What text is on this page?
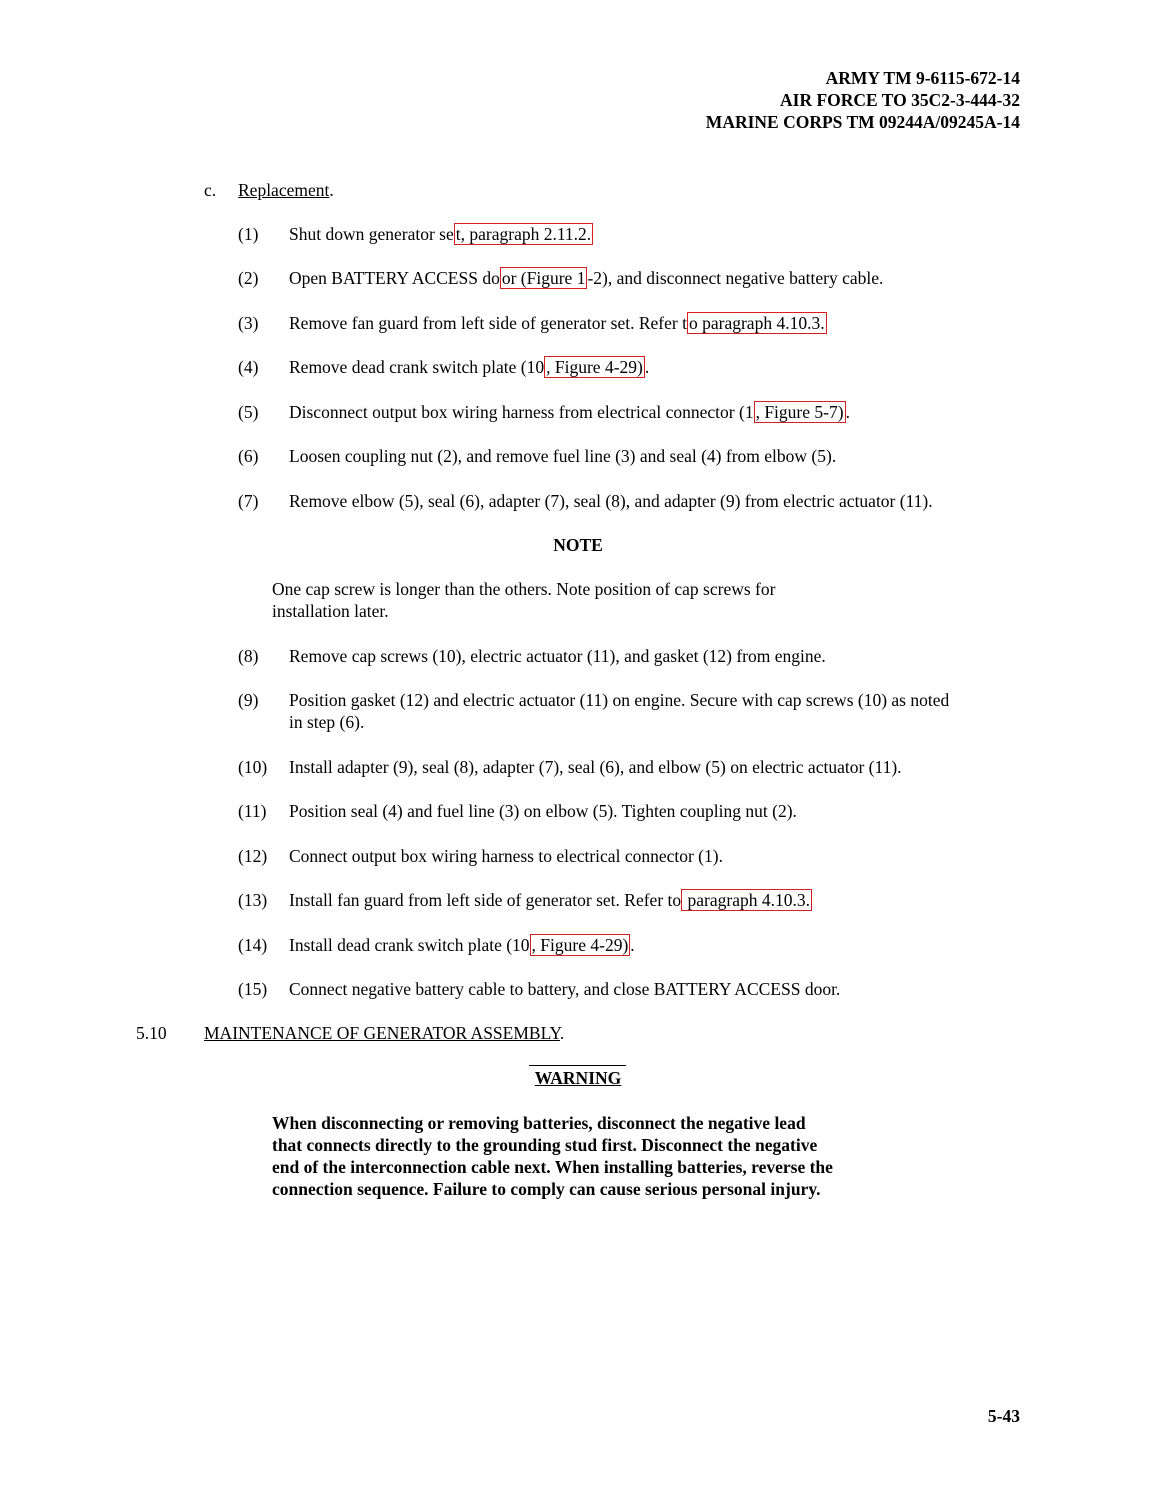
ARMY TM 9-6115-672-14
AIR FORCE TO 35C2-3-444-32
MARINE CORPS TM 09244A/09245A-14
c. Replacement.
(1) Shut down generator se t, paragraph 2.11.2.
(2) Open BATTERY ACCESS do or (Figure 1 -2), and disconnect negative battery cable.
(3) Remove fan guard from left side of generator set. Refer t o paragraph 4.10.3.
(4) Remove dead crank switch plate (10 , Figure 4-29) .
(5) Disconnect output box wiring harness from electrical connector (1 , Figure 5-7) .
(6) Loosen coupling nut (2), and remove fuel line (3) and seal (4) from elbow (5).
(7) Remove elbow (5), seal (6), adapter (7), seal (8), and adapter (9) from electric actuator (11).
NOTE
One cap screw is longer than the others. Note position of cap screws for
installation later.
(8) Remove cap screws (10), electric actuator (11), and gasket (12) from engine.
(9) Position gasket (12) and electric actuator (11) on engine. Secure with cap screws (10) as noted
in step (6).
(10) Install adapter (9), seal (8), adapter (7), seal (6), and elbow (5) on electric actuator (11).
(11) Position seal (4) and fuel line (3) on elbow (5). Tighten coupling nut (2).
(12) Connect output box wiring harness to electrical connector (1).
(13) Install fan guard from left side of generator set. Refer to paragraph 4.10.3.
(14) Install dead crank switch plate (10 , Figure 4-29) .
(15) Connect negative battery cable to battery, and close BATTERY ACCESS door.
5.10 MAINTENANCE OF GENERATOR ASSEMBLY.
WARNING
When disconnecting or removing batteries, disconnect the negative lead
that connects directly to the grounding stud first. Disconnect the negative
end of the interconnection cable next. When installing batteries, reverse the
connection sequence. Failure to comply can cause serious personal injury.
5-43
